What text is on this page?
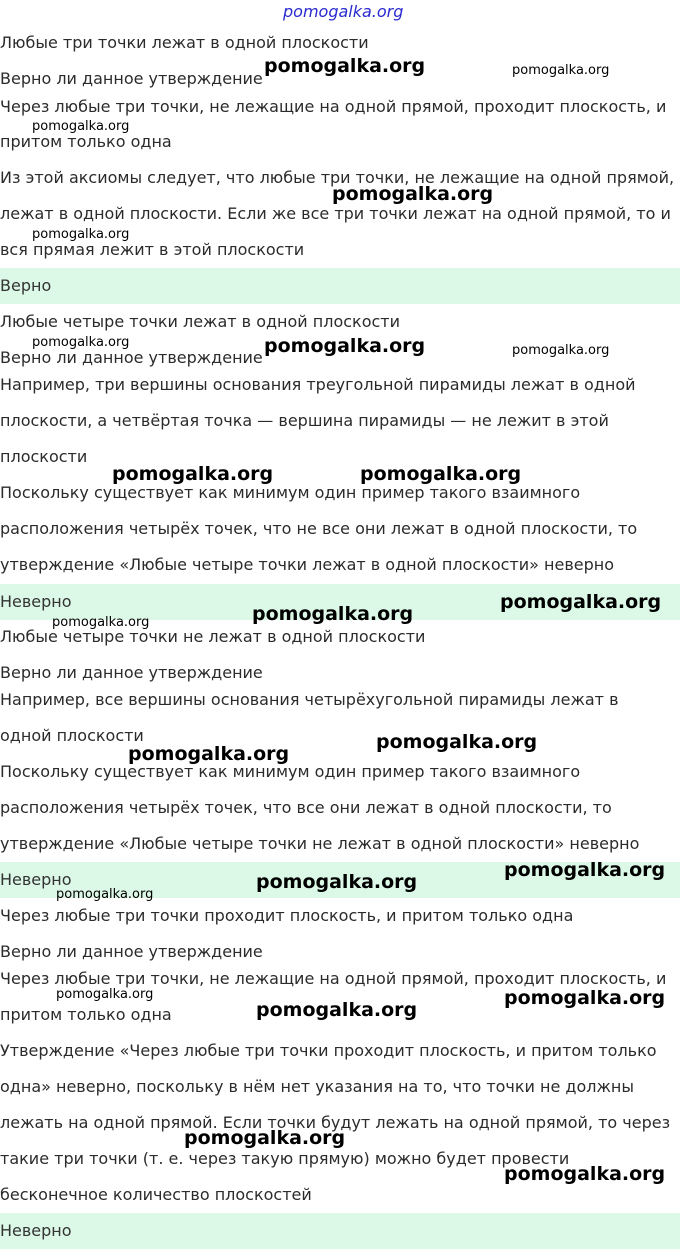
pomogalka.org

Любые три точки лежат в одной плоскости

Верно ли данное утверждение

Через любые три точки, не лежащие на одной прямой, проходит плоскость, и

притом только одна

Из этой аксиомы следует, что любые три точки, не лежащие на одной прямой,

лежат в одной плоскости. Если же все три точки лежат на одной прямой, то и

вся прямая лежит в этой плоскости

Верно

Любые четыре точки лежат в одной плоскости

Верно ли данное утверждение

Например, три вершины основания треугольной пирамиды лежат в одной

плоскости, а четвёртая точка — вершина пирамиды — не лежит в этой

плоскости

Поскольку существует как минимум один пример такого взаимного

расположения четырёх точек, что не все они лежат в одной плоскости, то

утверждение «Любые четыре точки лежат в одной плоскости» неверно

Неверно

Любые четыре точки не лежат в одной плоскости

Верно ли данное утверждение

Например, все вершины основания четырёхугольной пирамиды лежат в

одной плоскости

Поскольку существует как минимум один пример такого взаимного

расположения четырёх точек, что все они лежат в одной плоскости, то

утверждение «Любые четыре точки не лежат в одной плоскости» неверно

Неверно

Через любые три точки проходит плоскость, и притом только одна

Верно ли данное утверждение

Через любые три точки, не лежащие на одной прямой, проходит плоскость, и

притом только одна

Утверждение «Через любые три точки проходит плоскость, и притом только

одна» неверно, поскольку в нём нет указания на то, что точки не должны

лежать на одной прямой. Если точки будут лежать на одной прямой, то через

такие три точки (т. е. через такую прямую) можно будет провести

бесконечное количество плоскостей

Неверно
pomogalka.org	pomogalka.org
pomogalka.org
pomogalka.org
pomogalka.org
pomogalka.org	pomogalka.org	pomogalka.org
pomogalka.org	pomogalka.org
pomogalka.org
pomogalka.org
pomogalka.org
pomogalka.org
pomogalka.org
pomogalka.org
pomogalka.org
pomogalka.org
pomogalka.org	pomogalka.org
pomogalka.org
pomogalka.org
pomogalka.org
